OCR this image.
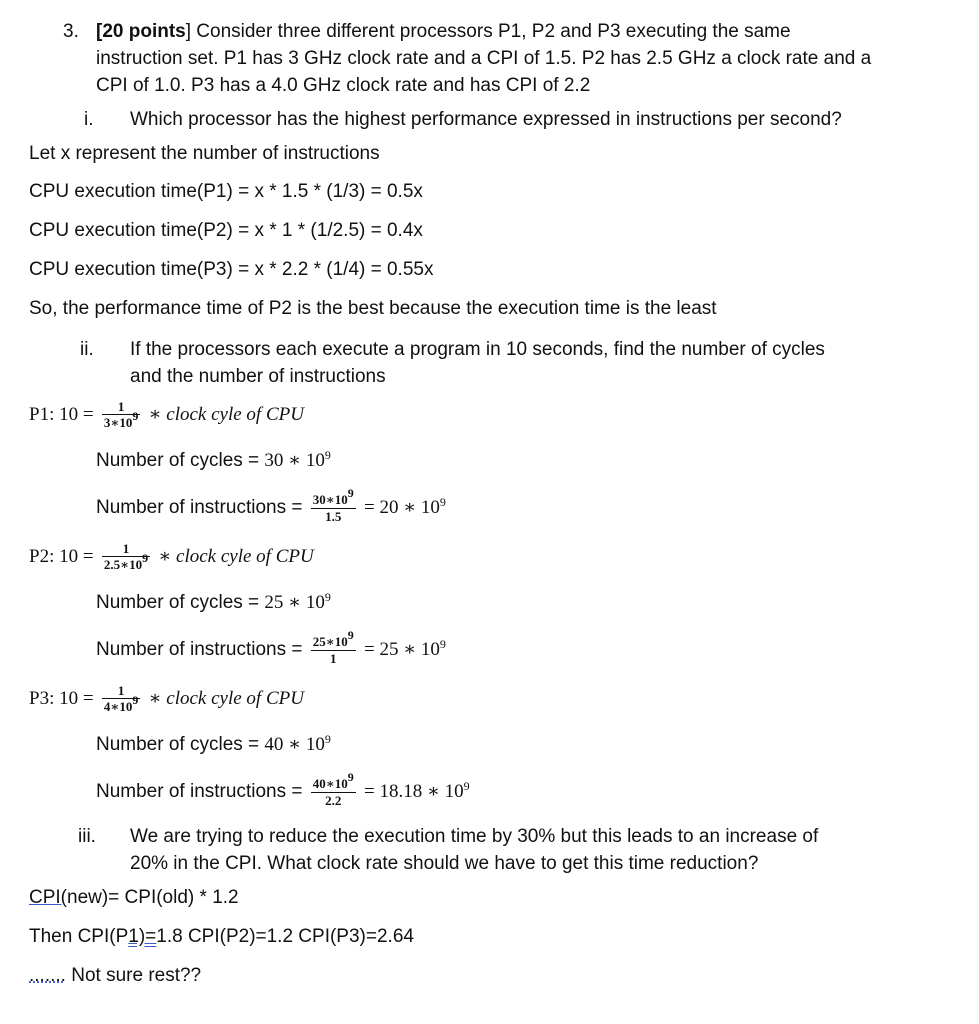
3. [20 points] Consider three different processors P1, P2 and P3 executing the same
instruction set. P1 has 3 GHz clock rate and a CPI of 1.5. P2 has 2.5 GHz a clock rate and a
CPI of 1.0. P3 has a 4.0 GHz clock rate and has CPI of 2.2
i. Which processor has the highest performance expressed in instructions per second?
Let x represent the number of instructions
CPU execution time(P1) = x * 1.5 * (1/3) = 0.5x
CPU execution time(P2) = x * 1 * (1/2.5) = 0.4x
CPU execution time(P3) = x * 2.2 * (1/4) = 0.55x
So, the performance time of P2 is the best because the execution time is the least
ii. If the processors each execute a program in 10 seconds, find the number of cycles
and the number of instructions
P1: $10 = \frac{1}{3∗109}$ ∗ clock cyle of CPU
Number of cycles = 30 ∗ $10^9$
Number of instructions = $\frac{30∗109}{1.5} = 20$ ∗ $10^9$
P2: $10 = \frac{1}{2.5∗109}$ ∗ clock cyle of CPU
Number of cycles = 25 ∗ $10^9$
Number of instructions = $\frac{25∗109}{1} = 25$ ∗ $10^9$
P3: $10 = \frac{1}{4∗109}$ ∗ clock cyle of CPU
Number of cycles = 40 ∗ $10^9$
Number of instructions = $\frac{40∗109}{2.2} = 18.18$ ∗ $10^9$
iii. We are trying to reduce the execution time by 30% but this leads to an increase of
20% in the CPI. What clock rate should we have to get this time reduction?
CPI(new)= CPI(old) * 1.2
Then CPI(P1)=1.8 CPI(P2)=1.2 CPI(P3)=2.64
....... Not sure rest??
